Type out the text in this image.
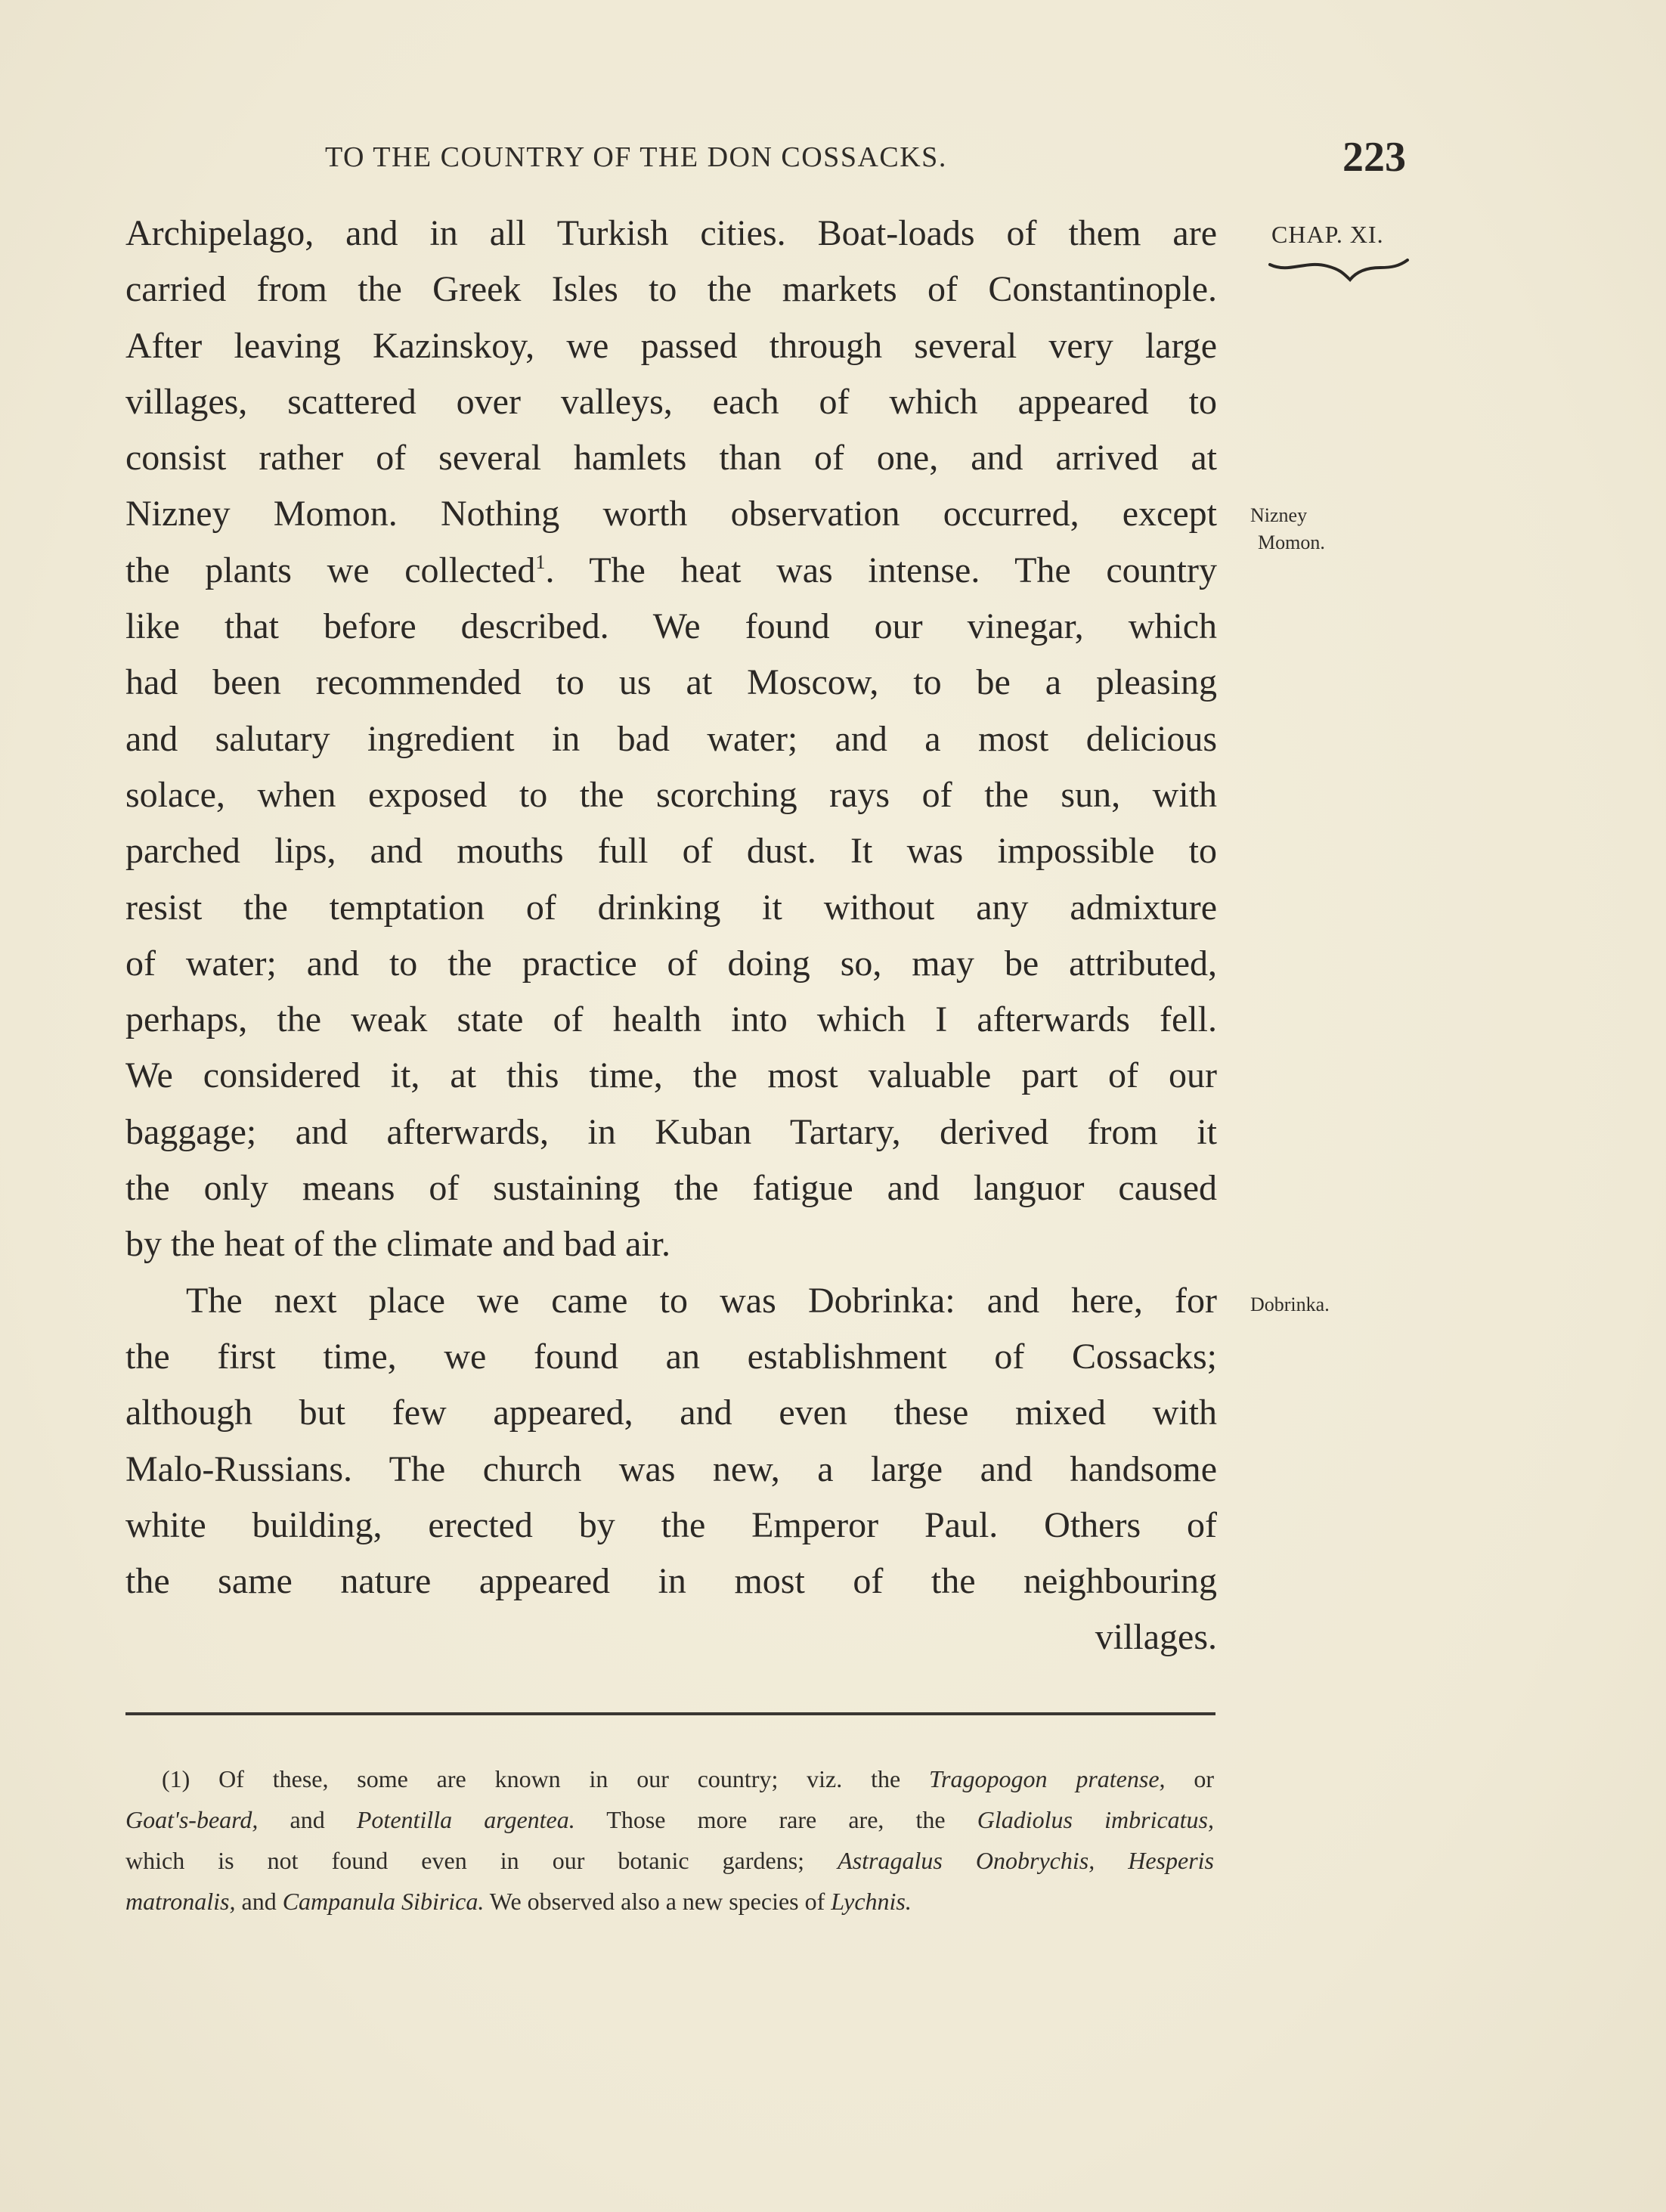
TO THE COUNTRY OF THE DON COSSACKS.	223
CHAP. XI.
Nizney
Momon.
Dobrinka.
Archipelago, and in all Turkish cities. Boat-loads of them are
carried from the Greek Isles to the markets of Constantinople.
After leaving Kazinskoy, we passed through several very large
villages, scattered over valleys, each of which appeared to
consist rather of several hamlets than of one, and arrived at
Nizney Momon. Nothing worth observation occurred, except
the plants we collected$^1$. The heat was intense. The country
like that before described. We found our vinegar, which
had been recommended to us at Moscow, to be a pleasing
and salutary ingredient in bad water; and a most delicious
solace, when exposed to the scorching rays of the sun, with
parched lips, and mouths full of dust. It was impossible to
resist the temptation of drinking it without any admixture
of water; and to the practice of doing so, may be attributed,
perhaps, the weak state of health into which I afterwards fell.
We considered it, at this time, the most valuable part of our
baggage; and afterwards, in Kuban Tartary, derived from it
the only means of sustaining the fatigue and languor caused
by the heat of the climate and bad air.
The next place we came to was Dobrinka: and here, for
the first time, we found an establishment of Cossacks;
although but few appeared, and even these mixed with
Malo-Russians. The church was new, a large and handsome
white building, erected by the Emperor Paul. Others of
the same nature appeared in most of the neighbouring
villages.
(1) Of these, some are known in our country; viz. the Tragopogon pratense, or
Goat's-beard, and Potentilla argentea. Those more rare are, the Gladiolus imbricatus,
which is not found even in our botanic gardens; Astragalus Onobrychis, Hesperis
matronalis, and Campanula Sibirica. We observed also a new species of Lychnis.
